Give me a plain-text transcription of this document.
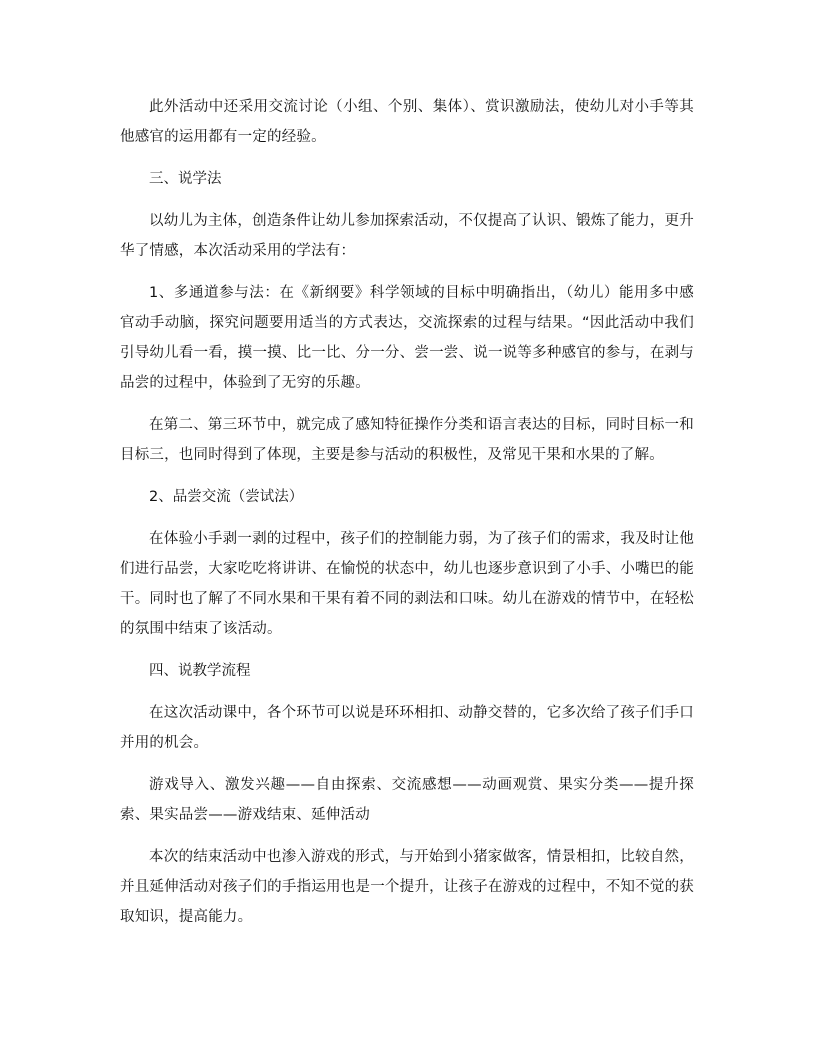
此外活动中还采用交流讨论（小组、个别、集体）、赏识激励法，使幼儿对小手等其他感官的运用都有一定的经验。

三、说学法

以幼儿为主体，创造条件让幼儿参加探索活动，不仅提高了认识、锻炼了能力，更升华了情感，本次活动采用的学法有：

1、多通道参与法：在《新纲要》科学领域的目标中明确指出，（幼儿）能用多中感官动手动脑，探究问题要用适当的方式表达，交流探索的过程与结果。“因此活动中我们引导幼儿看一看，摸一摸、比一比、分一分、尝一尝、说一说等多种感官的参与，在剥与品尝的过程中，体验到了无穷的乐趣。

在第二、第三环节中，就完成了感知特征操作分类和语言表达的目标，同时目标一和目标三，也同时得到了体现，主要是参与活动的积极性，及常见干果和水果的了解。

2、品尝交流（尝试法）

在体验小手剥一剥的过程中，孩子们的控制能力弱，为了孩子们的需求，我及时让他们进行品尝，大家吃吃将讲讲、在愉悦的状态中，幼儿也逐步意识到了小手、小嘴巴的能干。同时也了解了不同水果和干果有着不同的剥法和口味。幼儿在游戏的情节中，在轻松的氛围中结束了该活动。

四、说教学流程

在这次活动课中，各个环节可以说是环环相扣、动静交替的，它多次给了孩子们手口并用的机会。

游戏导入、激发兴趣——自由探索、交流感想——动画观赏、果实分类——提升探索、果实品尝——游戏结束、延伸活动

本次的结束活动中也渗入游戏的形式，与开始到小猪家做客，情景相扣，比较自然，并且延伸活动对孩子们的手指运用也是一个提升，让孩子在游戏的过程中，不知不觉的获取知识，提高能力。
